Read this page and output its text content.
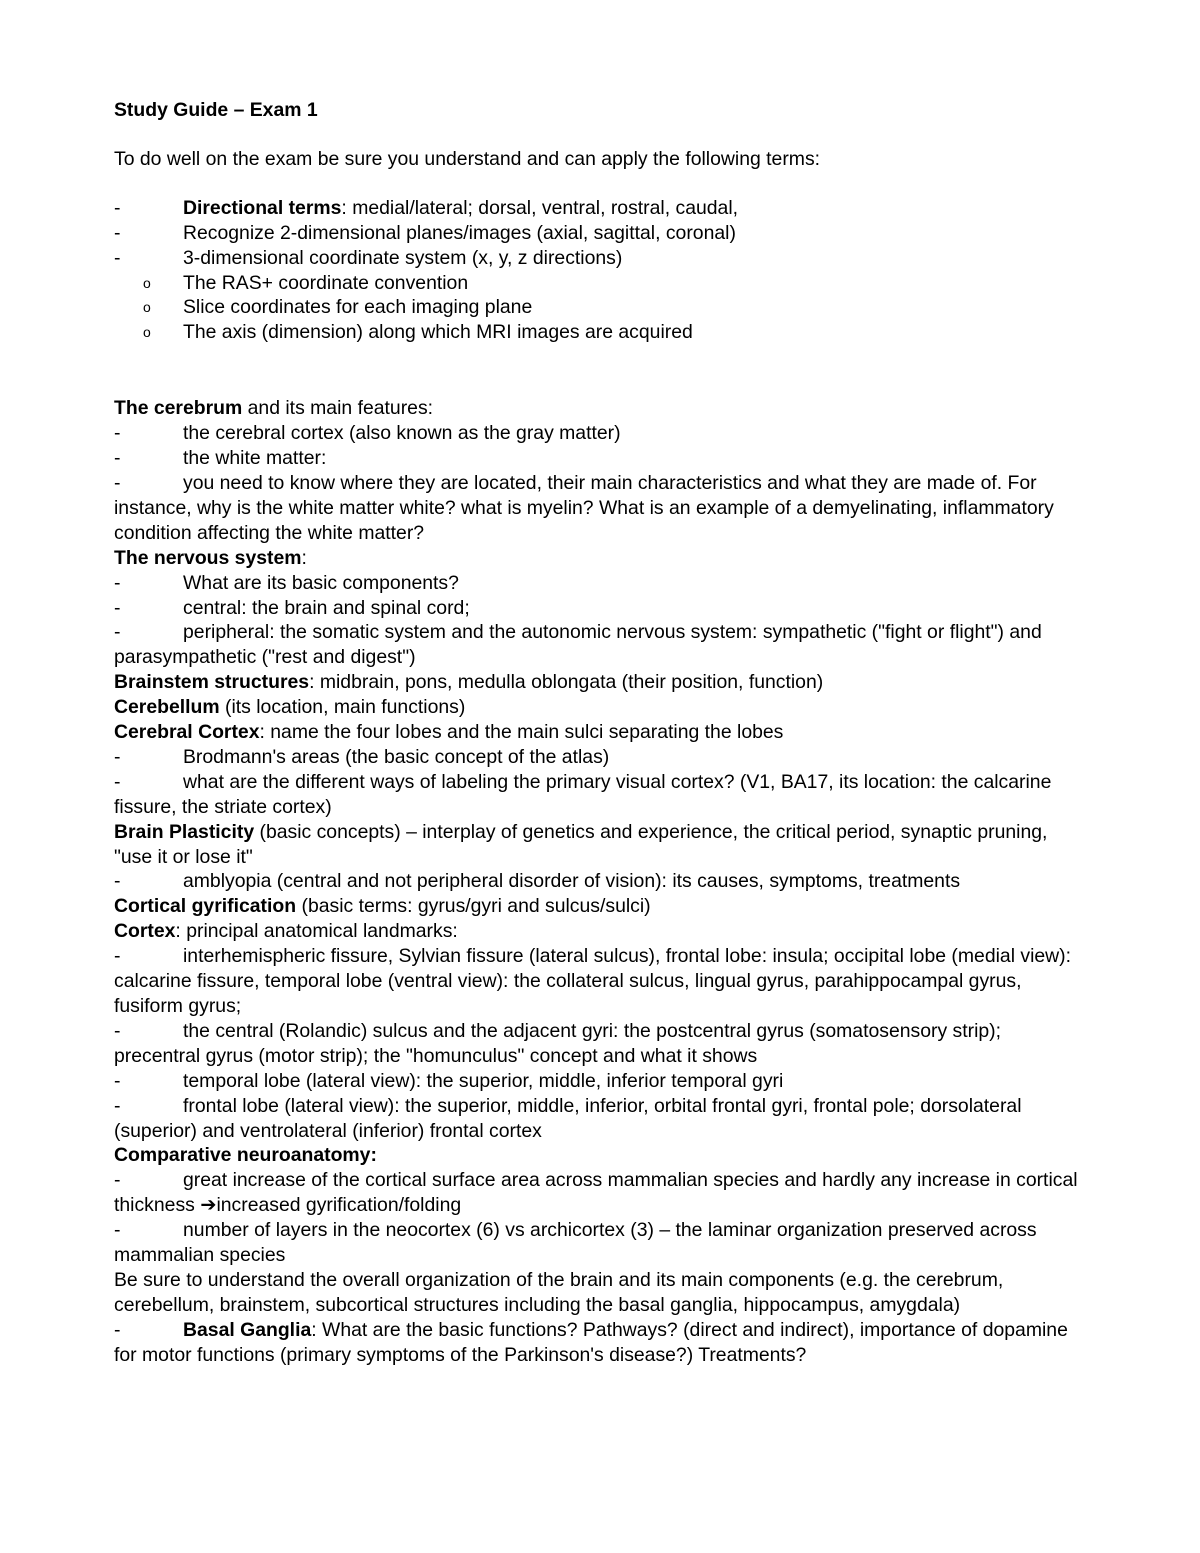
Study Guide – Exam 1
To do well on the exam be sure you understand and can apply the following terms:
-	Directional terms: medial/lateral; dorsal, ventral, rostral, caudal,
-	Recognize 2-dimensional planes/images (axial, sagittal, coronal)
-	3-dimensional coordinate system (x, y, z directions)
o The RAS+ coordinate convention
o Slice coordinates for each imaging plane
o The axis (dimension) along which MRI images are acquired
The cerebrum and its main features:
-	the cerebral cortex (also known as the gray matter)
-	the white matter:
-	you need to know where they are located, their main characteristics and what they are made of. For instance, why is the white matter white? what is myelin? What is an example of a demyelinating, inflammatory condition affecting the white matter?
The nervous system:
-	What are its basic components?
-	central: the brain and spinal cord;
-	peripheral: the somatic system and the autonomic nervous system: sympathetic ("fight or flight") and parasympathetic ("rest and digest")
Brainstem structures: midbrain, pons, medulla oblongata (their position, function)
Cerebellum (its location, main functions)
Cerebral Cortex: name the four lobes and the main sulci separating the lobes
-	Brodmann's areas (the basic concept of the atlas)
-	what are the different ways of labeling the primary visual cortex? (V1, BA17, its location: the calcarine fissure, the striate cortex)
Brain Plasticity (basic concepts) – interplay of genetics and experience, the critical period, synaptic pruning, "use it or lose it"
-	amblyopia (central and not peripheral disorder of vision): its causes, symptoms, treatments
Cortical gyrification (basic terms: gyrus/gyri and sulcus/sulci)
Cortex: principal anatomical landmarks:
-	interhemispheric fissure, Sylvian fissure (lateral sulcus), frontal lobe: insula; occipital lobe (medial view): calcarine fissure, temporal lobe (ventral view): the collateral sulcus, lingual gyrus, parahippocampal gyrus, fusiform gyrus;
-	the central (Rolandic) sulcus and the adjacent gyri: the postcentral gyrus (somatosensory strip); precentral gyrus (motor strip); the "homunculus" concept and what it shows
-	temporal lobe (lateral view): the superior, middle, inferior temporal gyri
-	frontal lobe (lateral view): the superior, middle, inferior, orbital frontal gyri, frontal pole; dorsolateral (superior) and ventrolateral (inferior) frontal cortex
Comparative neuroanatomy:
-	great increase of the cortical surface area across mammalian species and hardly any increase in cortical thickness ➔increased gyrification/folding
-	number of layers in the neocortex (6) vs archicortex (3) – the laminar organization preserved across mammalian species
Be sure to understand the overall organization of the brain and its main components (e.g. the cerebrum, cerebellum, brainstem, subcortical structures including the basal ganglia, hippocampus, amygdala)
-	Basal Ganglia: What are the basic functions? Pathways? (direct and indirect), importance of dopamine for motor functions (primary symptoms of the Parkinson's disease?) Treatments?
